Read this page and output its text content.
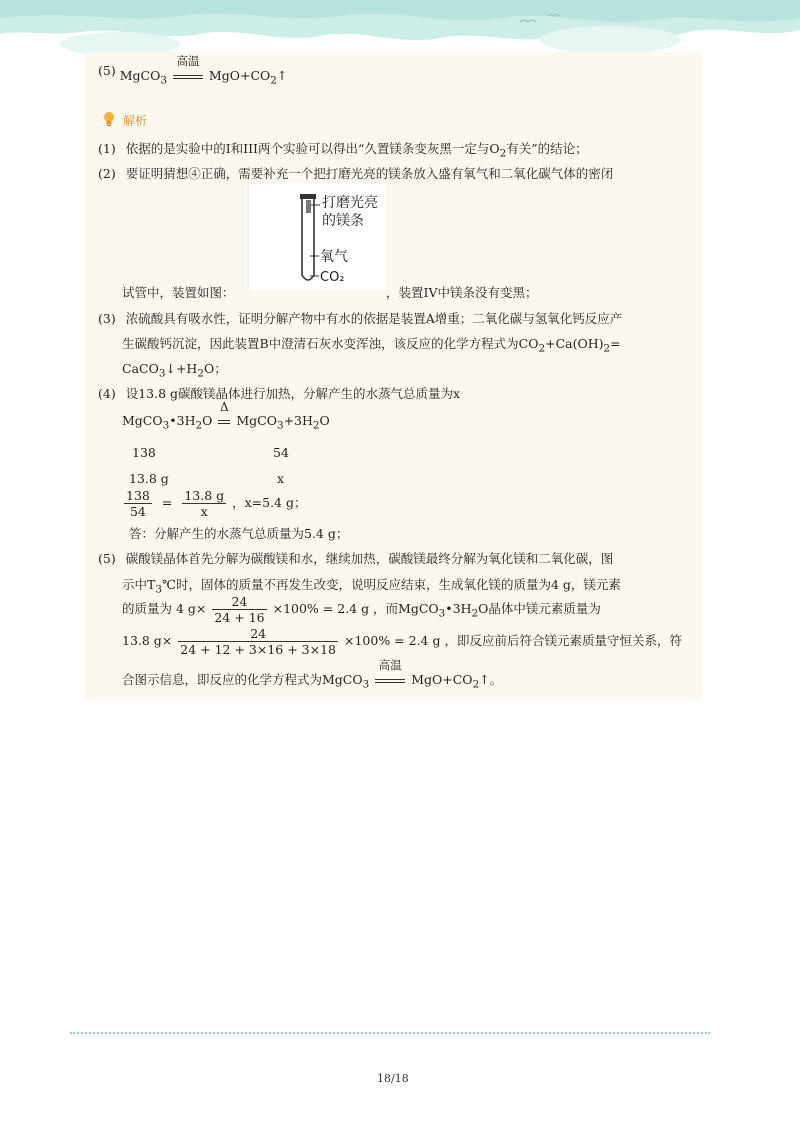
(5) MgCO$_3$
高温
$MgO+CO_2↑$
解析
(1) 依据的是实验中的I和III两个实验可以得出“久置镁条变灰黑一定与$O_2$有关”的结论；
(2) 要证明猜想④正确，需要补充一个把打磨光亮的镁条放入盛有氧气和二氧化碳气体的密闭
打磨光亮
的镁条
氧气
CO₂
试管中，装置如图：	，装置IV中镁条没有变黑；
(3) 浓硫酸具有吸水性，证明分解产物中有水的依据是装置A增重；二氧化碳与氢氧化钙反应产
生碳酸钙沉淀，因此装置B中澄清石灰水变浑浊，该反应的化学方程式为$CO_2+Ca(OH)_2=$
$CaCO_3↓+H_2O$；
(4) 设13.8 g碳酸镁晶体进行加热，分解产生的水蒸气总质量为x
$MgCO_3•3H_2O$
Δ
$MgCO_3+3H_2O$
138	54
13.8 g	x
$\frac{138}{54} = \frac{13.8 g}{x}$ ，x=5.4 g；
答：分解产生的水蒸气总质量为5.4 g；
(5) 碳酸镁晶体首先分解为碳酸镁和水，继续加热，碳酸镁最终分解为氧化镁和二氧化碳，图
示中$T_3℃$时，固体的质量不再发生改变，说明反应结束，生成氧化镁的质量为4 g，镁元素
的质量为 4 $g\times \frac{24}{24 + 16} \times 100\% = 2.4$ g ，而$MgCO_3•3H_2O$晶体中镁元素质量为
13.8 $g\times \frac{24}{24 + 12 + 3\times 16 + 3\times 18} \times 100\% = 2.4$ g ，即反应前后符合镁元素质量守恒关系，符
合图示信息，即反应的化学方程式为MgCO$_3$
高温
$MgO+CO_2↑$。
18/18
